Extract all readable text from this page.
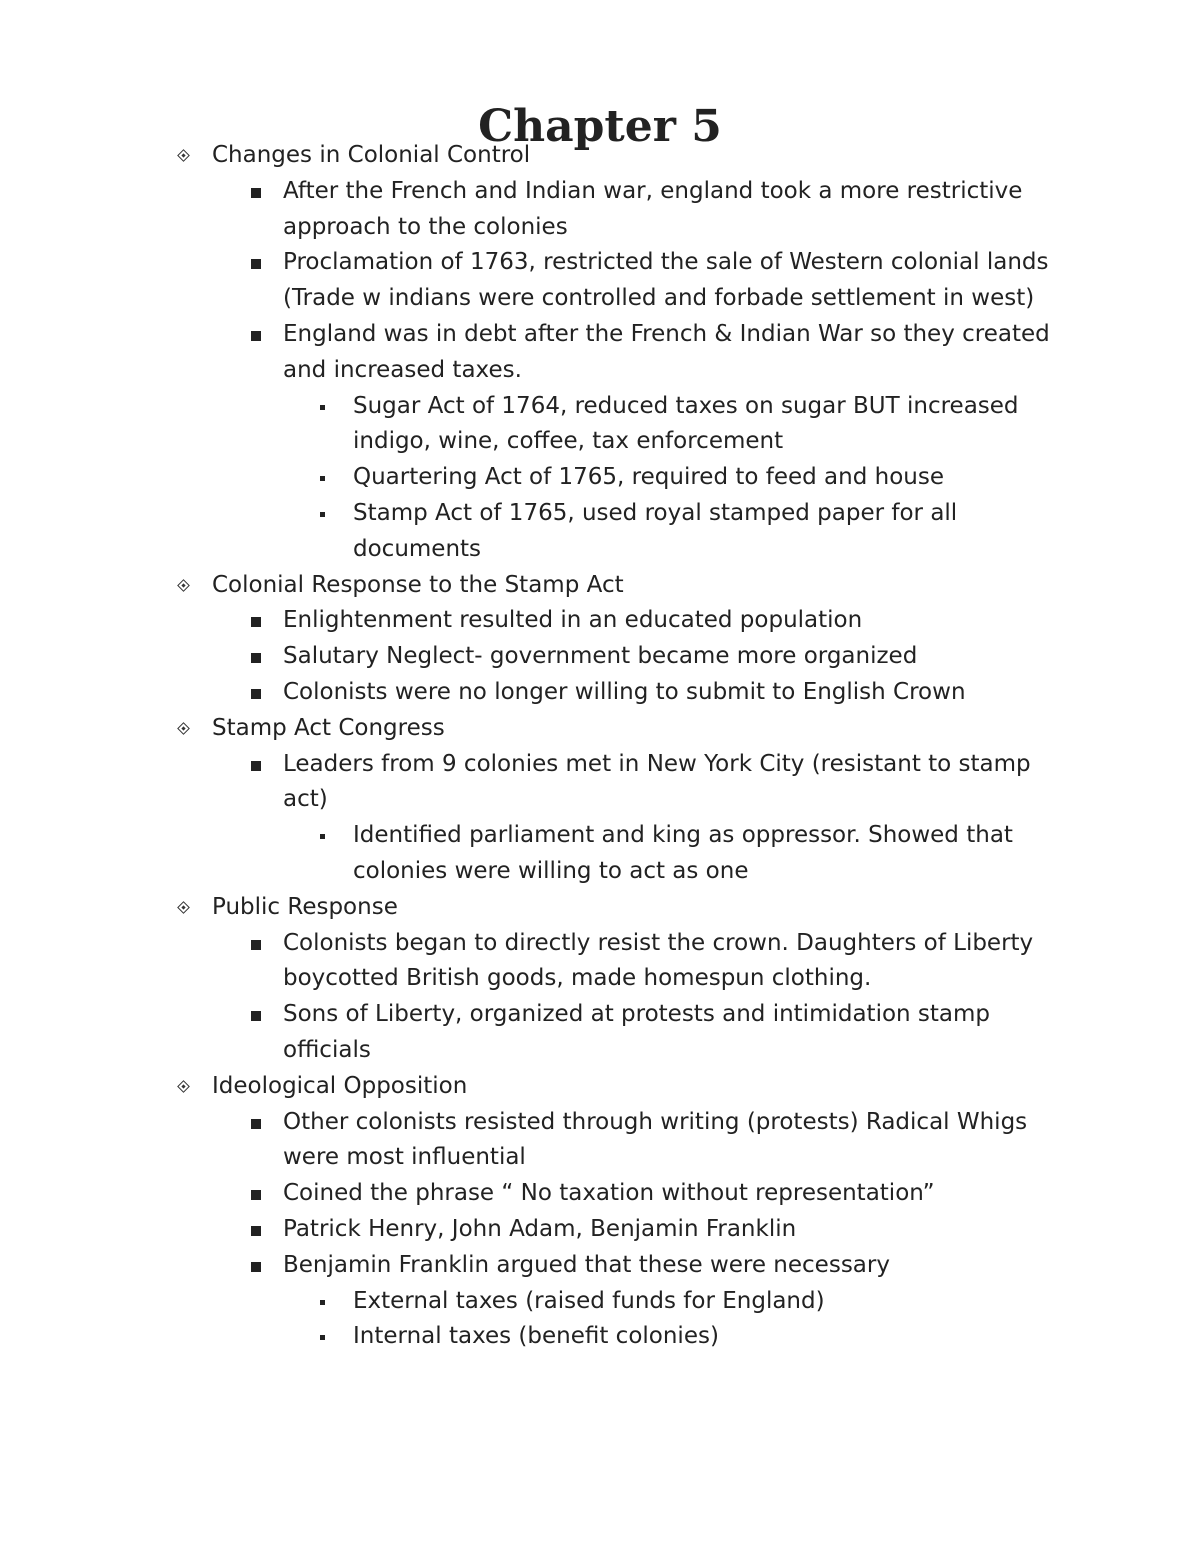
Chapter 5
Changes in Colonial Control
After the French and Indian war, england took a more restrictive approach to the colonies
Proclamation of 1763, restricted the sale of Western colonial lands (Trade w indians were controlled and forbade settlement in west)
England was in debt after the French & Indian War so they created and increased taxes.
Sugar Act of 1764, reduced taxes on sugar BUT increased indigo, wine, coffee, tax enforcement
Quartering Act of 1765, required to feed and house
Stamp Act of 1765, used royal stamped paper for all documents
Colonial Response to the Stamp Act
Enlightenment resulted in an educated population
Salutary Neglect- government became more organized
Colonists were no longer willing to submit to English Crown
Stamp Act Congress
Leaders from 9 colonies met in New York City (resistant to stamp act)
Identified parliament and king as oppressor. Showed that colonies were willing to act as one
Public Response
Colonists began to directly resist the crown. Daughters of Liberty boycotted British goods, made homespun clothing.
Sons of Liberty, organized at protests and intimidation stamp officials
Ideological Opposition
Other colonists resisted through writing (protests) Radical Whigs were most influential
Coined the phrase “ No taxation without representation”
Patrick Henry, John Adam, Benjamin Franklin
Benjamin Franklin argued that these were necessary
External taxes (raised funds for England)
Internal taxes (benefit colonies)
